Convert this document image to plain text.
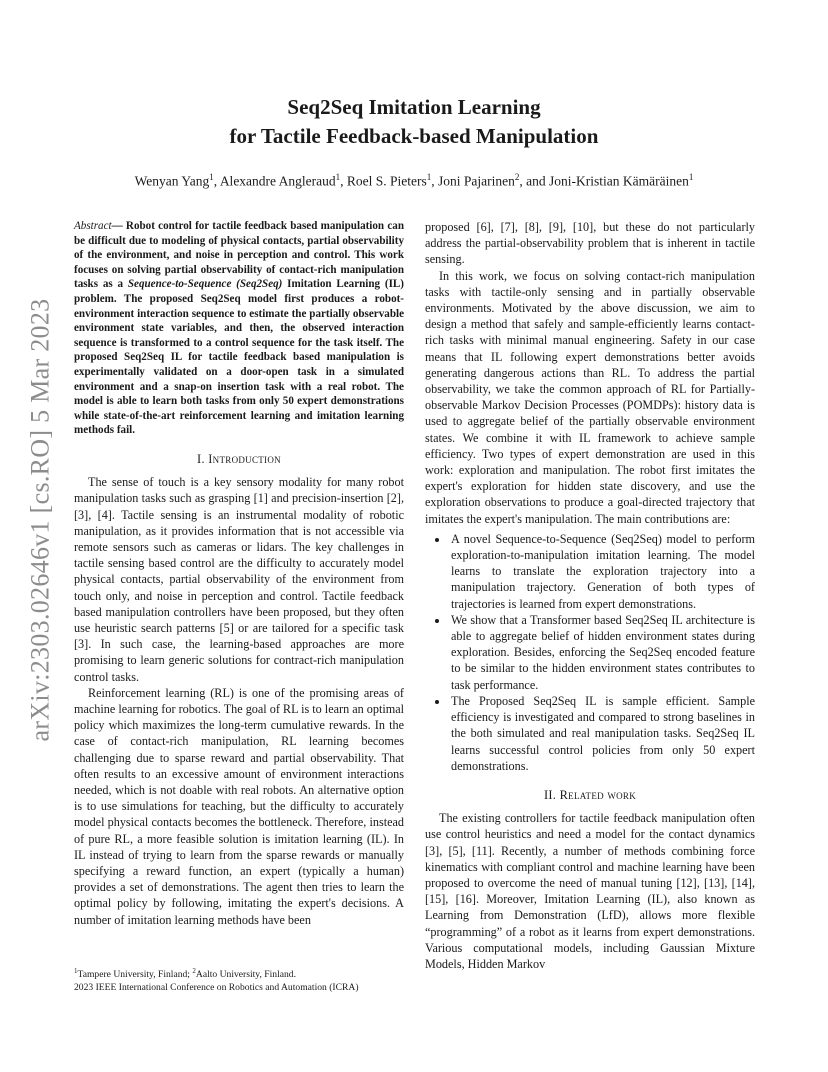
arXiv:2303.02646v1 [cs.RO] 5 Mar 2023
Seq2Seq Imitation Learning
for Tactile Feedback-based Manipulation
Wenyan Yang$^1$, Alexandre Angleraud$^1$, Roel S. Pieters$^1$, Joni Pajarinen$^2$, and Joni-Kristian Kämäräinen$^1$
Abstract— Robot control for tactile feedback based manipulation can be difficult due to modeling of physical contacts, partial observability of the environment, and noise in perception and control. This work focuses on solving partial observability of contact-rich manipulation tasks as a Sequence-to-Sequence (Seq2Seq) Imitation Learning (IL) problem. The proposed Seq2Seq model first produces a robot-environment interaction sequence to estimate the partially observable environment state variables, and then, the observed interaction sequence is transformed to a control sequence for the task itself. The proposed Seq2Seq IL for tactile feedback based manipulation is experimentally validated on a door-open task in a simulated environment and a snap-on insertion task with a real robot. The model is able to learn both tasks from only 50 expert demonstrations while state-of-the-art reinforcement learning and imitation learning methods fail.
I. Introduction

The sense of touch is a key sensory modality for many robot manipulation tasks such as grasping [1] and precision-insertion [2], [3], [4]. Tactile sensing is an instrumental modality of robotic manipulation, as it provides information that is not accessible via remote sensors such as cameras or lidars. The key challenges in tactile sensing based control are the difficulty to accurately model physical contacts, partial observability of the environment from touch only, and noise in perception and control. Tactile feedback based manipulation controllers have been proposed, but they often use heuristic search patterns [5] or are tailored for a specific task [3]. In such case, the learning-based approaches are more promising to learn generic solutions for contract-rich manipulation control tasks.

Reinforcement learning (RL) is one of the promising areas of machine learning for robotics. The goal of RL is to learn an optimal policy which maximizes the long-term cumulative rewards. In the case of contact-rich manipulation, RL learning becomes challenging due to sparse reward and partial observability. That often results to an excessive amount of environment interactions needed, which is not doable with real robots. An alternative option is to use simulations for teaching, but the difficulty to accurately model physical contacts becomes the bottleneck. Therefore, instead of pure RL, a more feasible solution is imitation learning (IL). In IL instead of trying to learn from the sparse rewards or manually specifying a reward function, an expert (typically a human) provides a set of demonstrations. The agent then tries to learn the optimal policy by following, imitating the expert's decisions. A number of imitation learning methods have been

proposed [6], [7], [8], [9], [10], but these do not particularly address the partial-observability problem that is inherent in tactile sensing.

In this work, we focus on solving contact-rich manipulation tasks with tactile-only sensing and in partially observable environments. Motivated by the above discussion, we aim to design a method that safely and sample-efficiently learns contact-rich tasks with minimal manual engineering. Safety in our case means that IL following expert demonstrations better avoids generating dangerous actions than RL. To address the partial observability, we take the common approach of RL for Partially-observable Markov Decision Processes (POMDPs): history data is used to aggregate belief of the partially observable environment states. We combine it with IL framework to achieve sample efficiency. Two types of expert demonstration are used in this work: exploration and manipulation. The robot first imitates the expert's exploration for hidden state discovery, and use the exploration observations to produce a goal-directed trajectory that imitates the expert's manipulation. The main contributions are:

• A novel Sequence-to-Sequence (Seq2Seq) model to perform exploration-to-manipulation imitation learning. The model learns to translate the exploration trajectory into a manipulation trajectory. Generation of both types of trajectories is learned from expert demonstrations.
• We show that a Transformer based Seq2Seq IL architecture is able to aggregate belief of hidden environment states during exploration. Besides, enforcing the Seq2Seq encoded feature to be similar to the hidden environment states contributes to task performance.
• The Proposed Seq2Seq IL is sample efficient. Sample efficiency is investigated and compared to strong baselines in the both simulated and real manipulation tasks. Seq2Seq IL learns successful control policies from only 50 expert demonstrations.
II. Related work

The existing controllers for tactile feedback manipulation often use control heuristics and need a model for the contact dynamics [3], [5], [11]. Recently, a number of methods combining force kinematics with compliant control and machine learning have been proposed to overcome the need of manual tuning [12], [13], [14], [15], [16]. Moreover, Imitation Learning (IL), also known as Learning from Demonstration (LfD), allows more flexible “programming” of a robot as it learns from expert demonstrations. Various computational models, including Gaussian Mixture Models, Hidden Markov

$^1$Tampere University, Finland; $^2$Aalto University, Finland.
2023 IEEE International Conference on Robotics and Automation (ICRA)
